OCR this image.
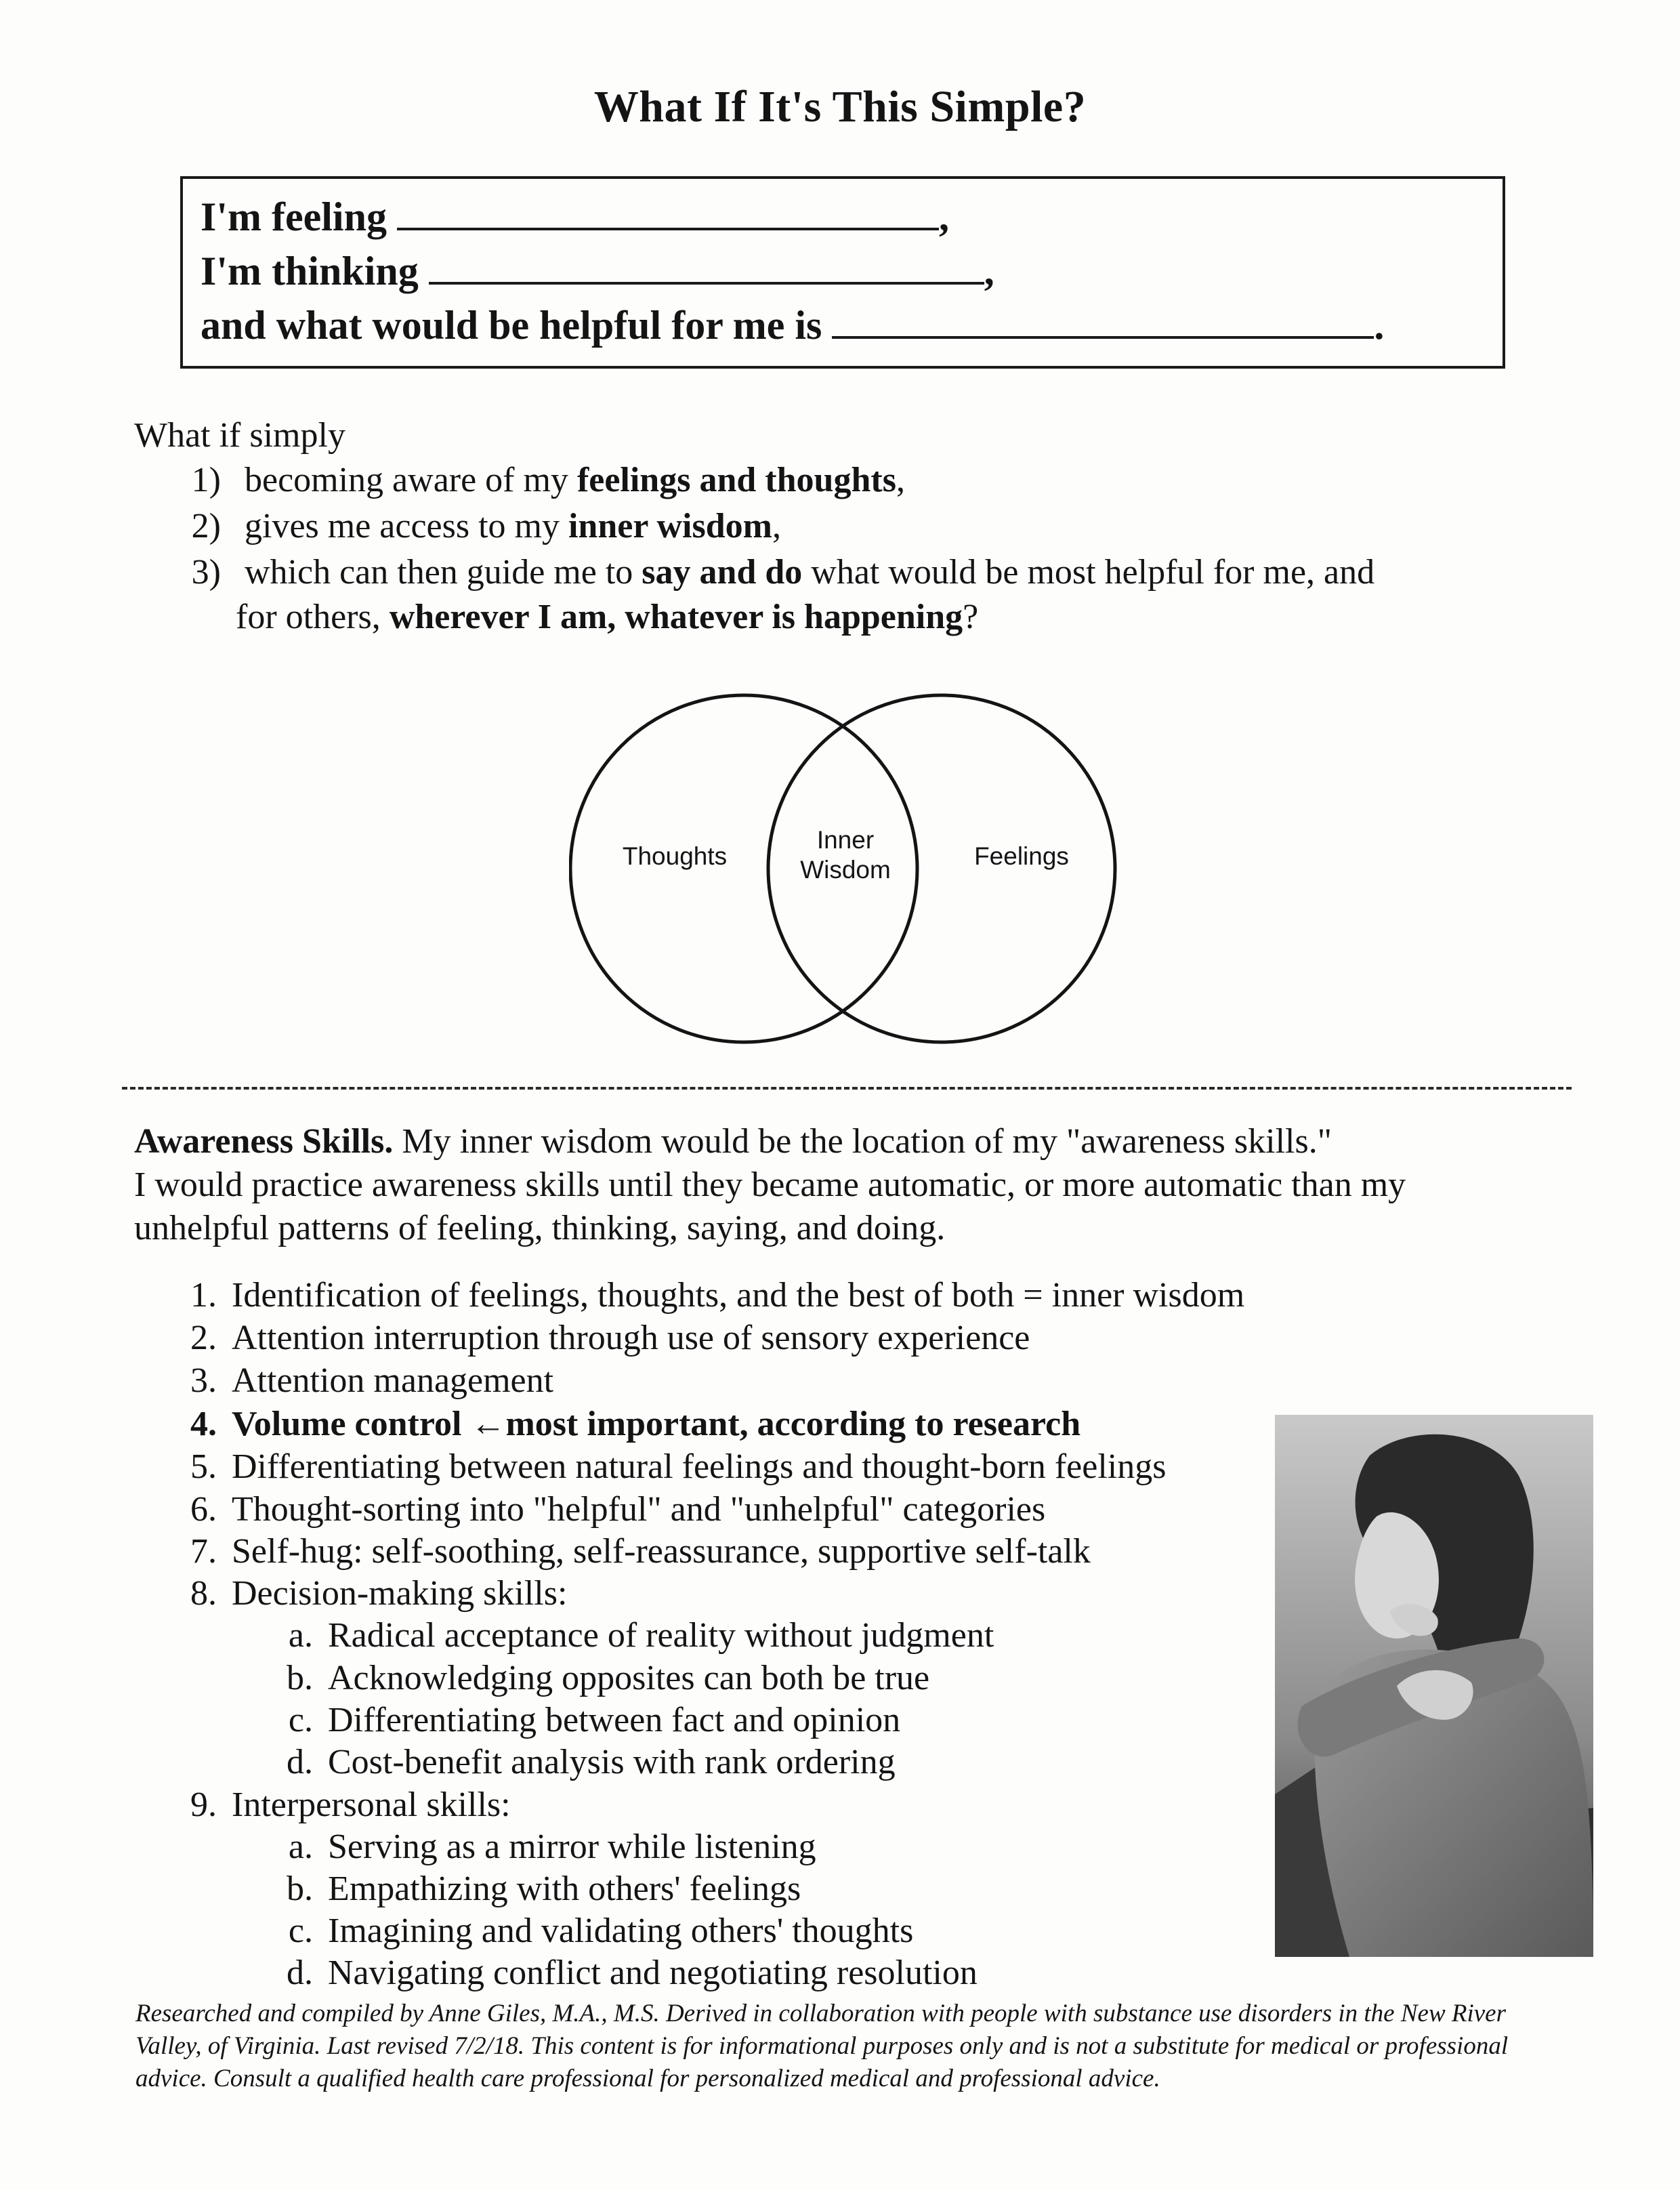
What If It's This Simple?
I'm feeling	,
I'm thinking	,
and what would be helpful for me is	.
What if simply
1) becoming aware of my feelings and thoughts,
2) gives me access to my inner wisdom,
3) which can then guide me to say and do what would be most helpful for me, and
for others, wherever I am, whatever is happening?
Thoughts
Inner
Wisdom	Feelings
Awareness Skills. My inner wisdom would be the location of my "awareness skills."
I would practice awareness skills until they became automatic, or more automatic than my
unhelpful patterns of feeling, thinking, saying, and doing.
1. Identification of feelings, thoughts, and the best of both = inner wisdom
2. Attention interruption through use of sensory experience
3. Attention management
4. Volume control ←most important, according to research
5. Differentiating between natural feelings and thought-born feelings
6. Thought-sorting into "helpful" and "unhelpful" categories
7. Self-hug: self-soothing, self-reassurance, supportive self-talk
8. Decision-making skills:
a. Radical acceptance of reality without judgment
b. Acknowledging opposites can both be true
c. Differentiating between fact and opinion
d. Cost-benefit analysis with rank ordering
9. Interpersonal skills:
a. Serving as a mirror while listening
b. Empathizing with others' feelings
c. Imagining and validating others' thoughts
d. Navigating conflict and negotiating resolution
Researched and compiled by Anne Giles, M.A., M.S. Derived in collaboration with people with substance use disorders in the New River Valley, of Virginia. Last revised 7/2/18. This content is for informational purposes only and is not a substitute for medical or professional advice. Consult a qualified health care professional for personalized medical and professional advice.
